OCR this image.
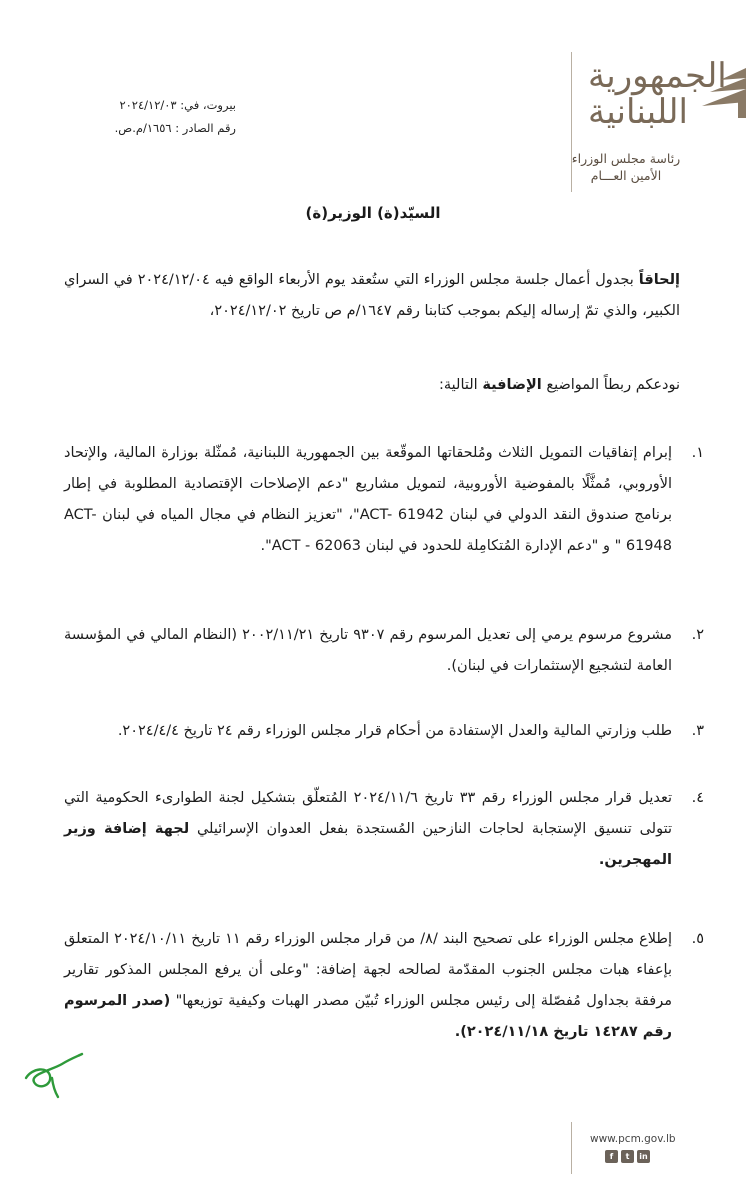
الجمهورية
اللبنانية
رئاسة مجلس الوزراء
الأمين العـــام
بيروت، في: ٢٠٢٤/١٢/٠٣
رقم الصادر : ١٦٥٦/م.ص.
السيّد(ة) الوزير(ة)
إلحاقاً بجدول أعمال جلسة مجلس الوزراء التي ستُعقد يوم الأربعاء الواقع فيه ٢٠٢٤/١٢/٠٤ في السراي الكبير، والذي تمّ إرساله إليكم بموجب كتابنا رقم ١٦٤٧/م ص تاريخ ٢٠٢٤/١٢/٠٢،
نودعكم ربطاً المواضيع الإضافية التالية:
١.
إبرام إتفاقيات التمويل الثلاث ومُلحقاتها الموقّعة بين الجمهورية اللبنانية، مُمثّلة بوزارة المالية، والإتحاد الأوروبي، مُمثَّلًا بالمفوضية الأوروبية، لتمويل مشاريع "دعم الإصلاحات الإقتصادية المطلوبة في إطار برنامج صندوق النقد الدولي في لبنان ACT- 61942"، "تعزيز النظام في مجال المياه في لبنان ACT- 61948 " و "دعم الإدارة المُتكامِلة للحدود في لبنان ACT - 62063".
٢.
مشروع مرسوم يرمي إلى تعديل المرسوم رقم ٩٣٠٧ تاريخ ٢٠٠٢/١١/٢١ (النظام المالي في المؤسسة العامة لتشجيع الإستثمارات في لبنان).
٣.
طلب وزارتي المالية والعدل الإستفادة من أحكام قرار مجلس الوزراء رقم ٢٤ تاريخ ٢٠٢٤/٤/٤.
٤.
تعديل قرار مجلس الوزراء رقم ٣٣ تاريخ ٢٠٢٤/١١/٦ المُتعلّق بتشكيل لجنة الطوارىء الحكومية التي تتولى تنسيق الإستجابة لحاجات النازحين المُستجدة بفعل العدوان الإسرائيلي لجهة إضافة وزير المهجرين.
٥.
إطلاع مجلس الوزراء على تصحيح البند /٨/ من قرار مجلس الوزراء رقم ١١ تاريخ ٢٠٢٤/١٠/١١ المتعلق بإعفاء هبات مجلس الجنوب المقدّمة لصالحه لجهة إضافة: "وعلى أن يرفع المجلس المذكور تقارير مرفقة بجداول مُفصّلة إلى رئيس مجلس الوزراء تُبيّن مصدر الهبات وكيفية توزيعها" (صدر المرسوم رقم ١٤٢٨٧ تاريخ ٢٠٢٤/١١/١٨).
www.pcm.gov.lb
f	t	in
